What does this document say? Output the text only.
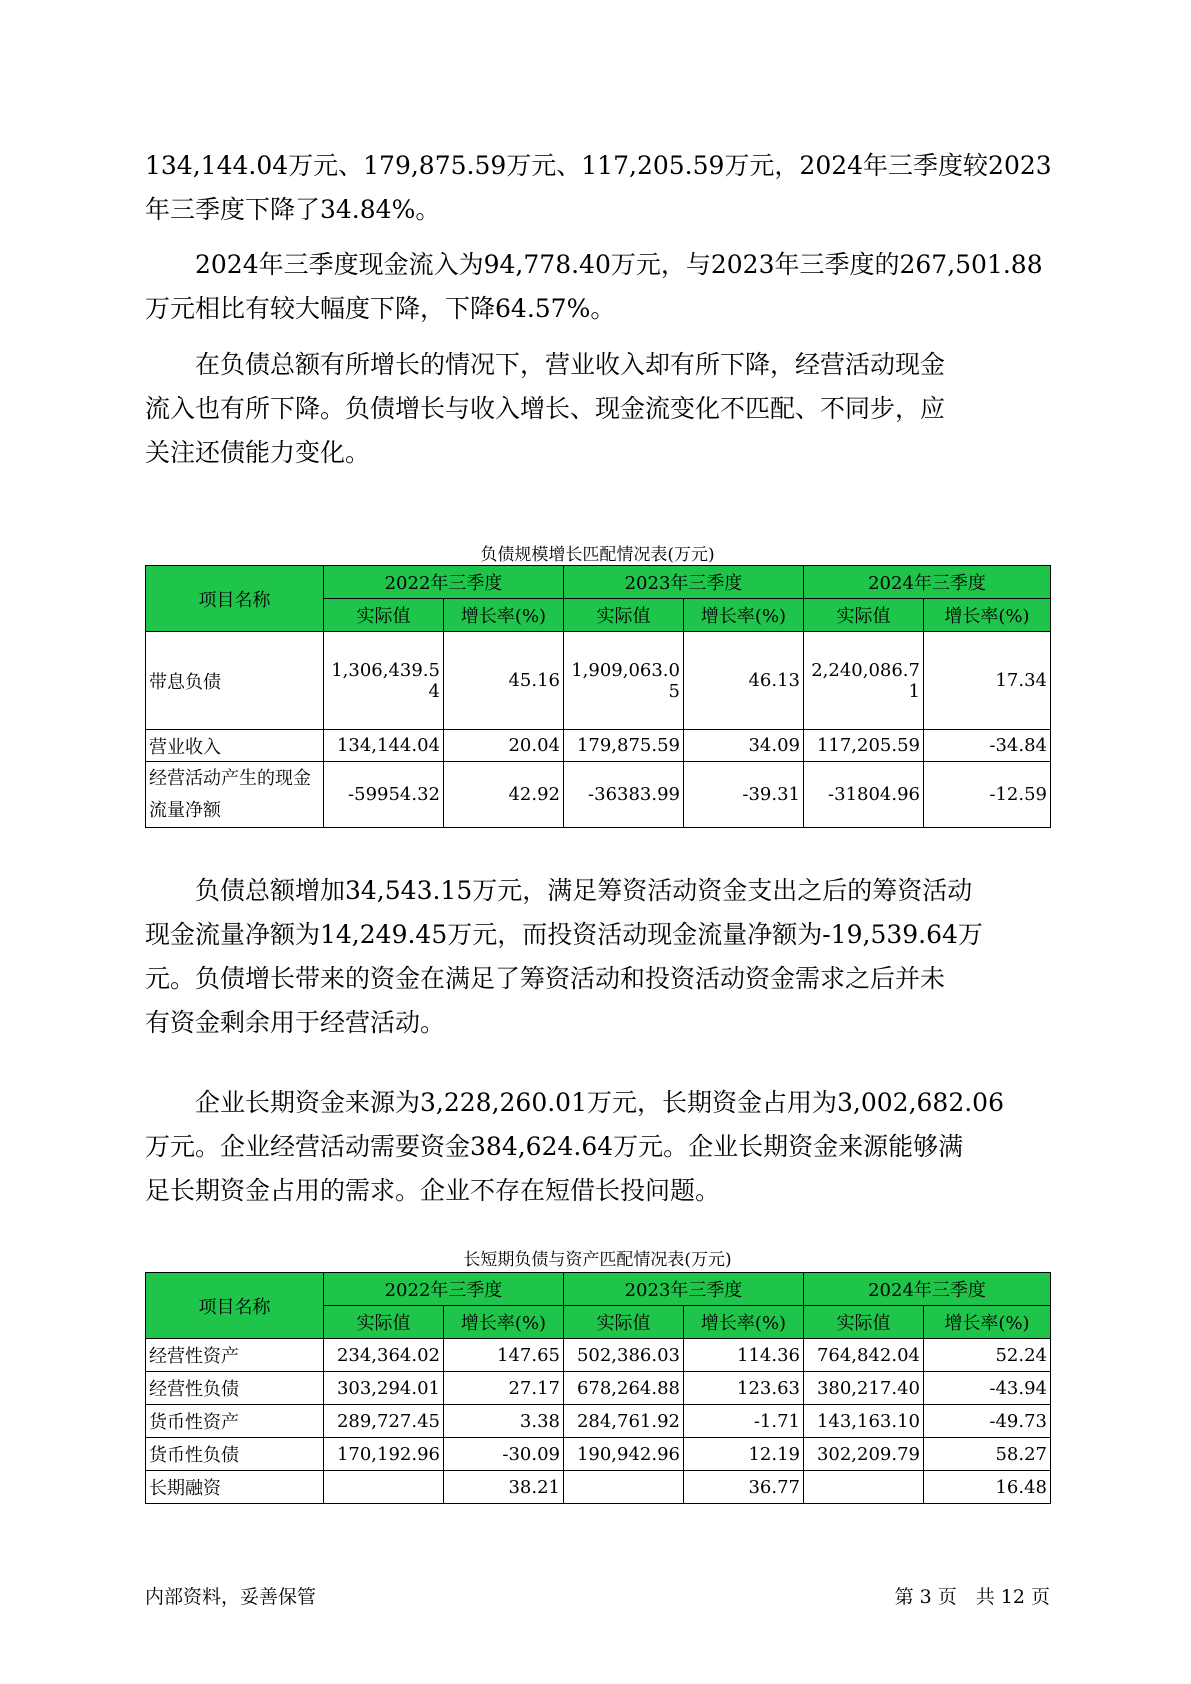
134,144.04万元、179,875.59万元、117,205.59万元，2024年三季度较2023
年三季度下降了34.84%。
　　2024年三季度现金流入为94,778.40万元，与2023年三季度的267,501.88
万元相比有较大幅度下降，下降64.57%。
　　在负债总额有所增长的情况下，营业收入却有所下降，经营活动现金
流入也有所下降。负债增长与收入增长、现金流变化不匹配、不同步，应
关注还债能力变化。
负债规模增长匹配情况表(万元)
项目名称	2022年三季度		2023年三季度		2024年三季度	
	实际值	增长率(%)	实际值	增长率(%)	实际值	增长率(%)
带息负债	1,306,439.54	45.16	1,909,063.05	46.13	2,240,086.71	17.34
营业收入	134,144.04	20.04	179,875.59	34.09	117,205.59	-34.84
经营活动产生的现金流量净额	-59954.32	42.92	-36383.99	-39.31	-31804.96	-12.59
　　负债总额增加34,543.15万元，满足筹资活动资金支出之后的筹资活动
现金流量净额为14,249.45万元，而投资活动现金流量净额为-19,539.64万
元。负债增长带来的资金在满足了筹资活动和投资活动资金需求之后并未
有资金剩余用于经营活动。
　　企业长期资金来源为3,228,260.01万元，长期资金占用为3,002,682.06
万元。企业经营活动需要资金384,624.64万元。企业长期资金来源能够满
足长期资金占用的需求。企业不存在短借长投问题。
长短期负债与资产匹配情况表(万元)
项目名称	2022年三季度		2023年三季度		2024年三季度	
	实际值	增长率(%)	实际值	增长率(%)	实际值	增长率(%)
经营性资产	234,364.02	147.65	502,386.03	114.36	764,842.04	52.24
经营性负债	303,294.01	27.17	678,264.88	123.63	380,217.40	-43.94
货币性资产	289,727.45	3.38	284,761.92	-1.71	143,163.10	-49.73
货币性负债	170,192.96	-30.09	190,942.96	12.19	302,209.79	58.27
长期融资		38.21		36.77		16.48
内部资料，妥善保管	第 3 页　共 12 页
